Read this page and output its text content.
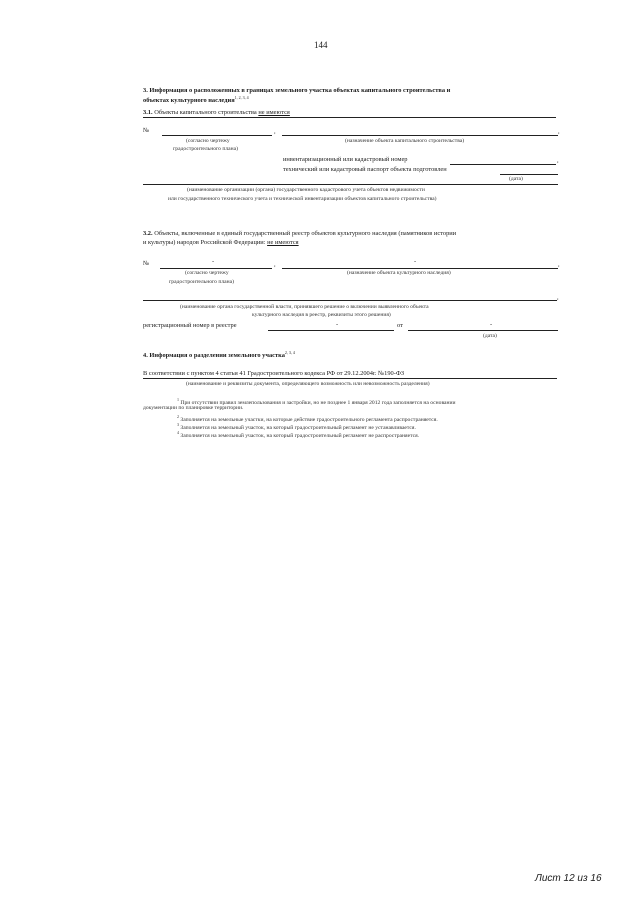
144
3. Информация о расположенных в границах земельного участка объектах капитального строительства и
объектах культурного наследия$^{1, 2, 3, 4}$
3.1. Объекты капитального строительства не имеются
№	,	,
(согласно чертежу
градостроительного плана)
(назначение объекта капитального строительства)
инвентаризационный или кадастровый номер	,
технический или кадастровый паспорт объекта подготовлен
(дата)
(наименование организации (органа) государственного кадастрового учета объектов недвижимости
или государственного технического учета и технической инвентаризации объектов капитального строительства)
3.2. Объекты, включенные в единый государственный реестр объектов культурного наследия (памятников истории
и культуры) народов Российской Федерации: не имеются
№	-	,	-	,
(согласно чертежу
градостроительного плана)
(назначение объекта культурного наследия)
,
(наименование органа государственной власти, принявшего решение о включении выявленного объекта
культурного наследия в реестр, реквизиты этого решения)
регистрационный номер в реестре	-	от	-
(дата)
4. Информация о разделении земельного участка$^{2, 3, 4}$
В соответствии с пунктом 4 статьи 41 Градостроительного кодекса РФ от 29.12.2004г. №190-ФЗ
(наименование и реквизиты документа, определяющего возможность или невозможность разделения)
$^1$ При отсутствии правил землепользования и застройки, но не позднее 1 января 2012 года заполняется на основании
документации по планировке территории.
$^2$ Заполняется на земельные участки, на которые действие градостроительного регламента распространяется.
$^3$ Заполняется на земельный участок, на который градостроительный регламент не устанавливается.
$^4$ Заполняется на земельный участок, на который градостроительный регламент не распространяется.
Лист 12 из 16
